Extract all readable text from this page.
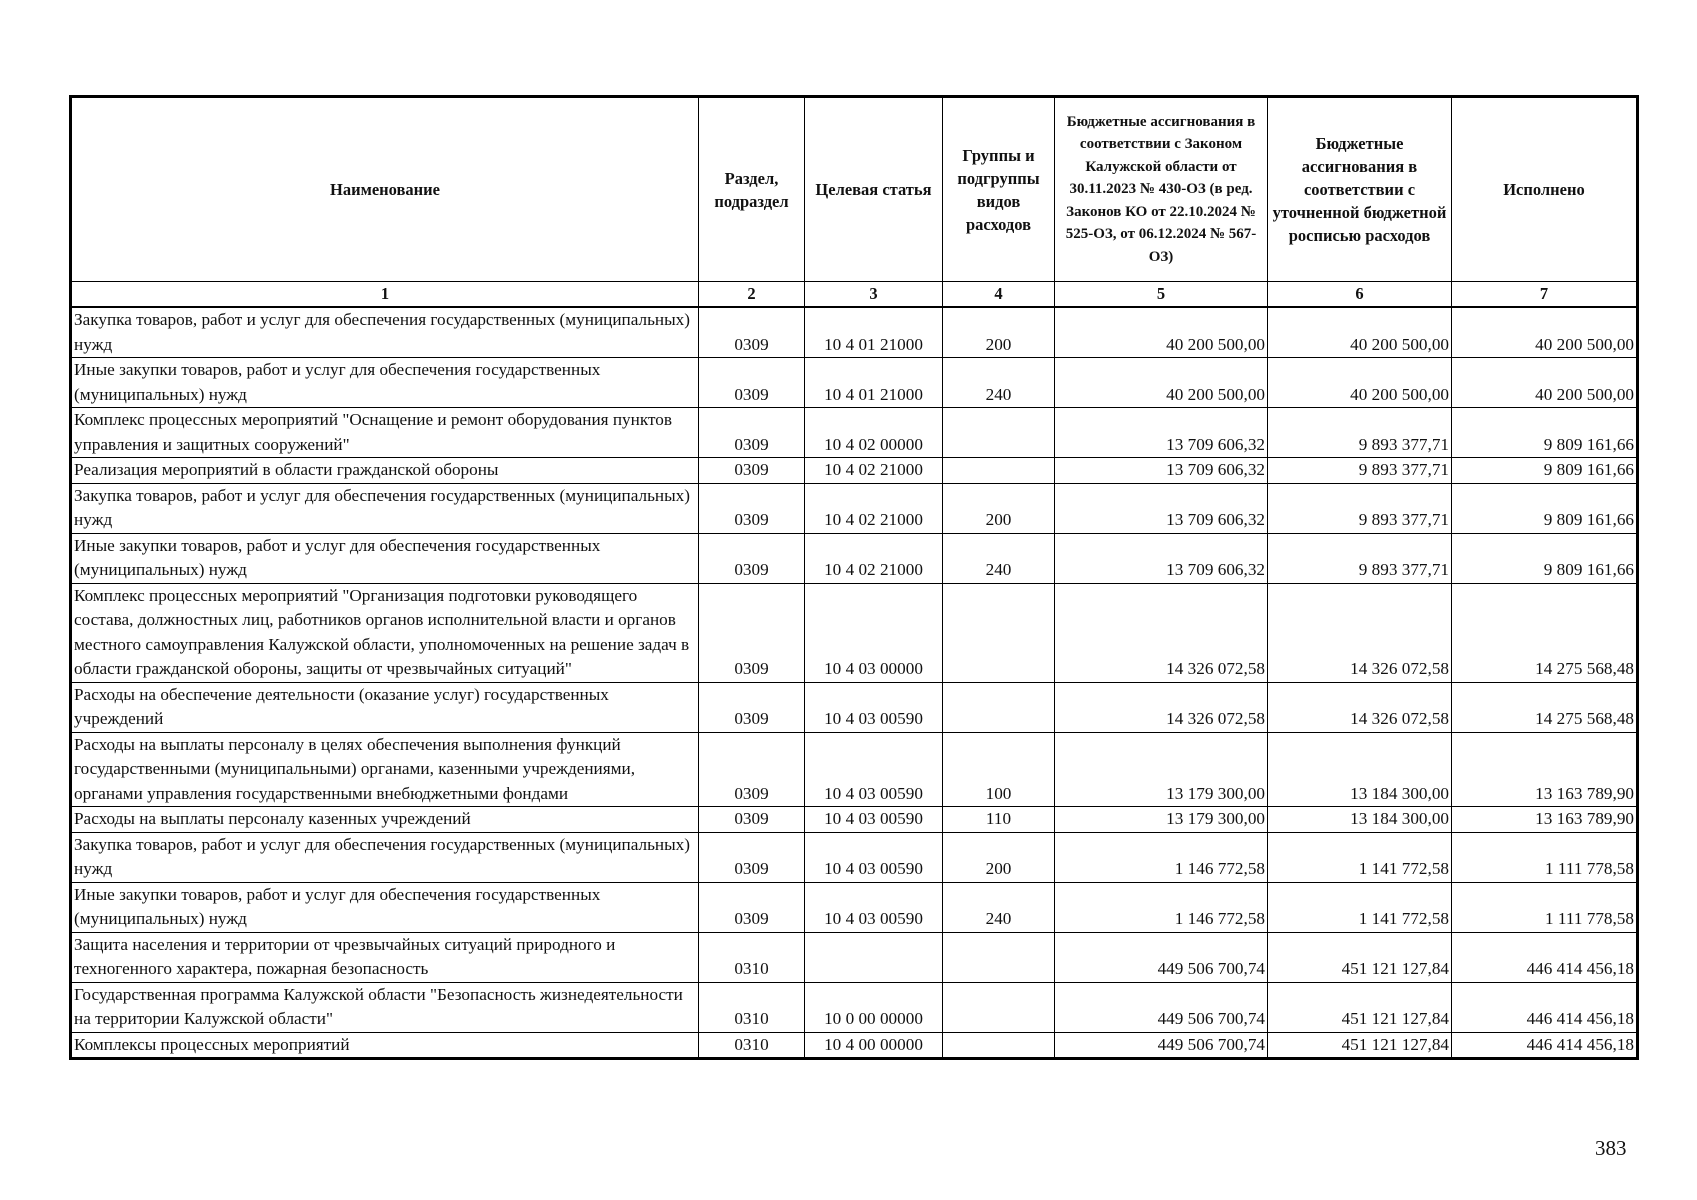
Наименование	Раздел, подраздел	Целевая статья	Группы и подгруппы видов расходов	Бюджетные ассигнования в соответствии с Законом Калужской области от 30.11.2023 № 430-ОЗ (в ред. Законов КО от 22.10.2024 № 525-ОЗ, от 06.12.2024 № 567-ОЗ)	Бюджетные ассигнования в соответствии с уточненной бюджетной росписью расходов	Исполнено
1	2	3	4	5	6	7
Закупка товаров, работ и услуг для обеспечения государственных (муниципальных) нужд	0309	10 4 01 21000	200	40 200 500,00	40 200 500,00	40 200 500,00
Иные закупки товаров, работ и услуг для обеспечения государственных (муниципальных) нужд	0309	10 4 01 21000	240	40 200 500,00	40 200 500,00	40 200 500,00
Комплекс процессных мероприятий "Оснащение и ремонт оборудования пунктов управления и защитных сооружений"	0309	10 4 02 00000		13 709 606,32	9 893 377,71	9 809 161,66
Реализация мероприятий в области гражданской обороны	0309	10 4 02 21000		13 709 606,32	9 893 377,71	9 809 161,66
Закупка товаров, работ и услуг для обеспечения государственных (муниципальных) нужд	0309	10 4 02 21000	200	13 709 606,32	9 893 377,71	9 809 161,66
Иные закупки товаров, работ и услуг для обеспечения государственных (муниципальных) нужд	0309	10 4 02 21000	240	13 709 606,32	9 893 377,71	9 809 161,66
Комплекс процессных мероприятий "Организация подготовки руководящего состава, должностных лиц, работников органов исполнительной власти и органов местного самоуправления Калужской области, уполномоченных на решение задач в области гражданской обороны, защиты от чрезвычайных ситуаций"	0309	10 4 03 00000		14 326 072,58	14 326 072,58	14 275 568,48
Расходы на обеспечение деятельности (оказание услуг) государственных учреждений	0309	10 4 03 00590		14 326 072,58	14 326 072,58	14 275 568,48
Расходы на выплаты персоналу в целях обеспечения выполнения функций государственными (муниципальными) органами, казенными учреждениями, органами управления государственными внебюджетными фондами	0309	10 4 03 00590	100	13 179 300,00	13 184 300,00	13 163 789,90
Расходы на выплаты персоналу казенных учреждений	0309	10 4 03 00590	110	13 179 300,00	13 184 300,00	13 163 789,90
Закупка товаров, работ и услуг для обеспечения государственных (муниципальных) нужд	0309	10 4 03 00590	200	1 146 772,58	1 141 772,58	1 111 778,58
Иные закупки товаров, работ и услуг для обеспечения государственных (муниципальных) нужд	0309	10 4 03 00590	240	1 146 772,58	1 141 772,58	1 111 778,58
Защита населения и территории от чрезвычайных ситуаций природного и техногенного характера, пожарная безопасность	0310			449 506 700,74	451 121 127,84	446 414 456,18
Государственная программа Калужской области "Безопасность жизнедеятельности на территории Калужской области"	0310	10 0 00 00000		449 506 700,74	451 121 127,84	446 414 456,18
Комплексы процессных мероприятий	0310	10 4 00 00000		449 506 700,74	451 121 127,84	446 414 456,18
383
